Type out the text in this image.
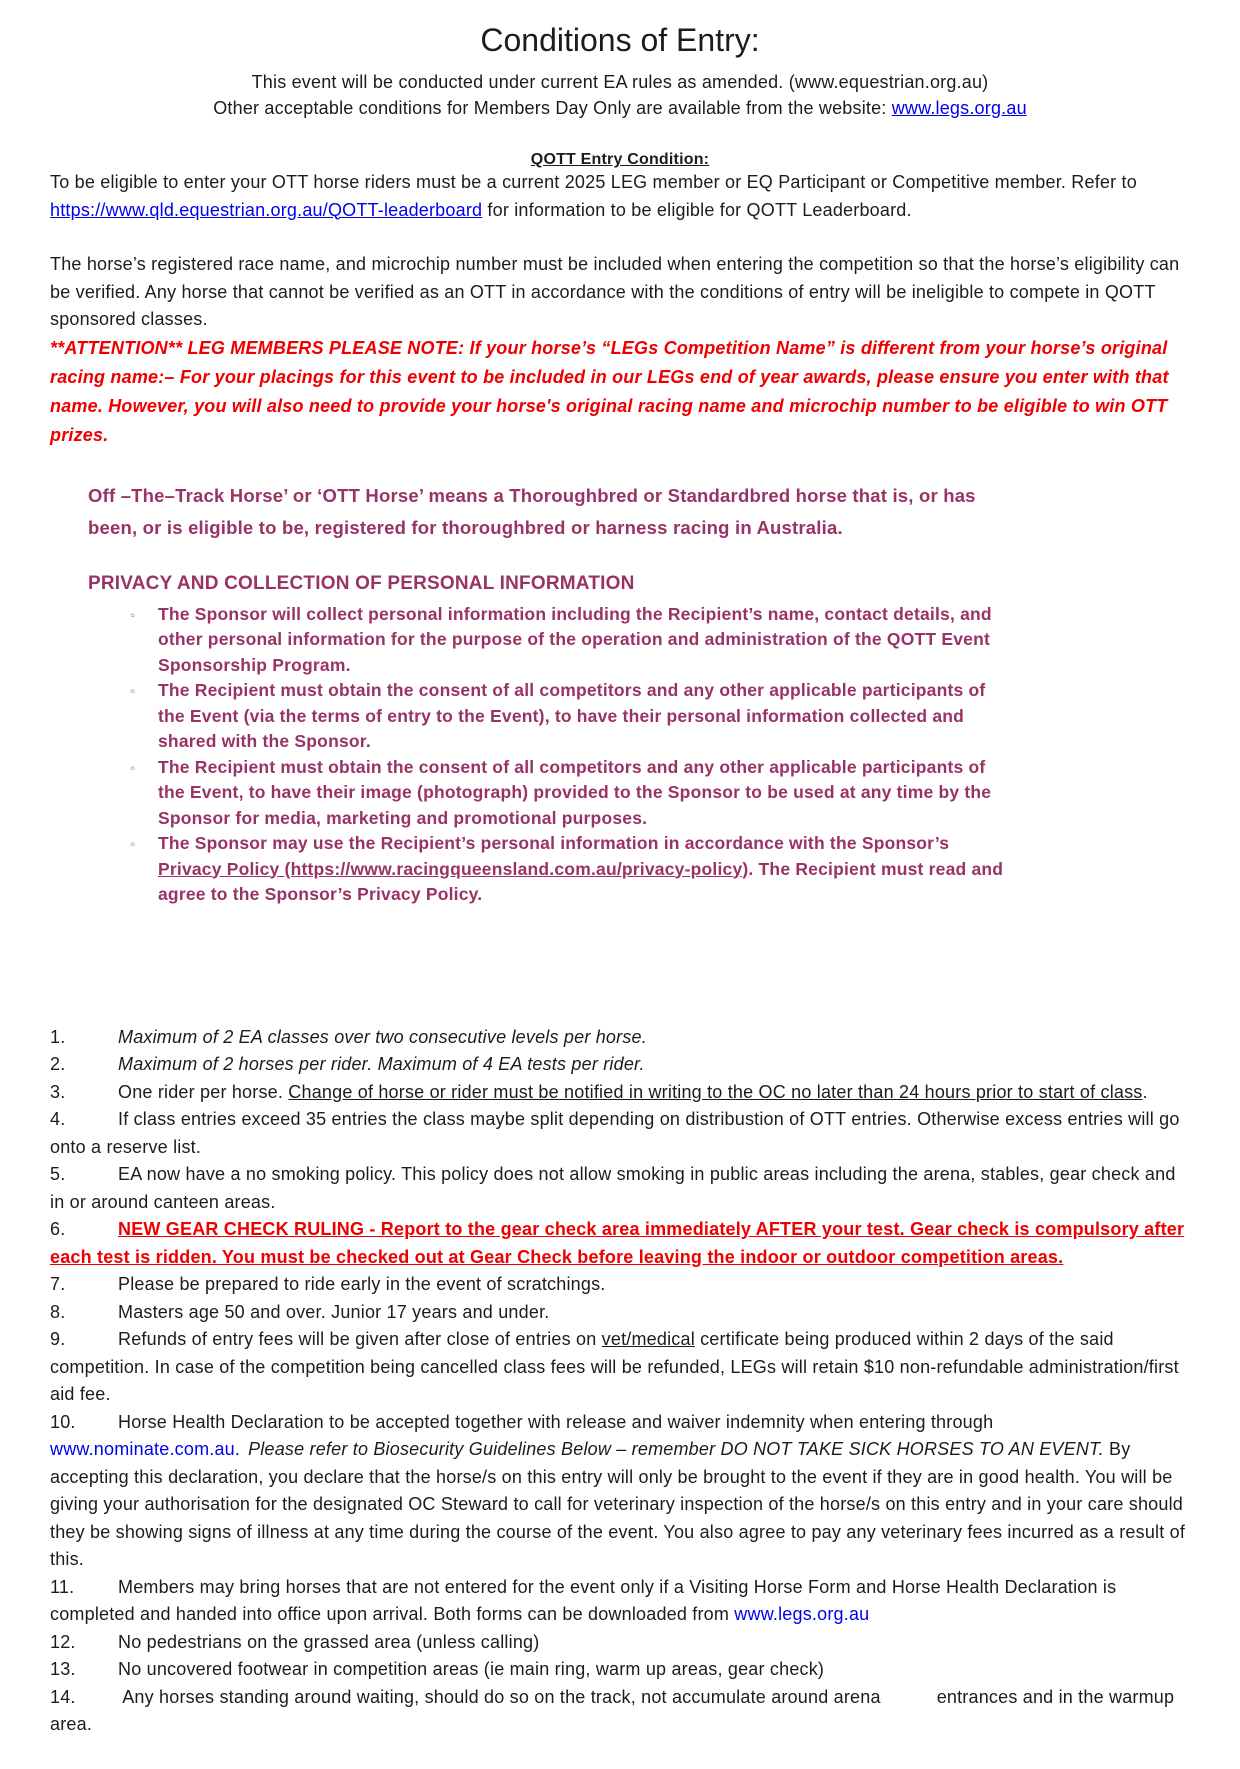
Conditions of Entry:

This event will be conducted under current EA rules as amended. (www.equestrian.org.au)

Other acceptable conditions for Members Day Only are available from the website: www.legs.org.au

QOTT Entry Condition:

To be eligible to enter your OTT horse riders must be a current 2025 LEG member or EQ Participant or Competitive member. Refer to https://www.qld.equestrian.org.au/QOTT-leaderboard for information to be eligible for QOTT Leaderboard.

The horse’s registered race name, and microchip number must be included when entering the competition so that the horse’s eligibility can be verified. Any horse that cannot be verified as an OTT in accordance with the conditions of entry will be ineligible to compete in QOTT sponsored classes.

**ATTENTION** LEG MEMBERS PLEASE NOTE: If your horse’s “LEGs Competition Name” is different from your horse’s original racing name:– For your placings for this event to be included in our LEGs end of year awards, please ensure you enter with that name. However, you will also need to provide your horse's original racing name and microchip number to be eligible to win OTT prizes.

Off –The–Track Horse’ or ‘OTT Horse’ means a Thoroughbred or Standardbred horse that is, or has been, or is eligible to be, registered for thoroughbred or harness racing in Australia.

PRIVACY AND COLLECTION OF PERSONAL INFORMATION

◦ The Sponsor will collect personal information including the Recipient’s name, contact details, and other personal information for the purpose of the operation and administration of the QOTT Event Sponsorship Program.
◦ The Recipient must obtain the consent of all competitors and any other applicable participants of the Event (via the terms of entry to the Event), to have their personal information collected and shared with the Sponsor.
◦ The Recipient must obtain the consent of all competitors and any other applicable participants of the Event, to have their image (photograph) provided to the Sponsor to be used at any time by the Sponsor for media, marketing and promotional purposes.
◦ The Sponsor may use the Recipient’s personal information in accordance with the Sponsor’s Privacy Policy (https://www.racingqueensland.com.au/privacy-policy). The Recipient must read and agree to the Sponsor’s Privacy Policy.

1.	Maximum of 2 EA classes over two consecutive levels per horse.

2.	Maximum of 2 horses per rider. Maximum of 4 EA tests per rider.

3.	One rider per horse. Change of horse or rider must be notified in writing to the OC no later than 24 hours prior to start of class.

4.	If class entries exceed 35 entries the class maybe split depending on distribustion of OTT entries. Otherwise excess entries will go onto a reserve list.

5.	EA now have a no smoking policy. This policy does not allow smoking in public areas including the arena, stables, gear check and in or around canteen areas.

6.	NEW GEAR CHECK RULING - Report to the gear check area immediately AFTER your test. Gear check is compulsory after each test is ridden. You must be checked out at Gear Check before leaving the indoor or outdoor competition areas.

7.	Please be prepared to ride early in the event of scratchings.

8.	Masters age 50 and over. Junior 17 years and under.

9.	Refunds of entry fees will be given after close of entries on vet/medical certificate being produced within 2 days of the said competition. In case of the competition being cancelled class fees will be refunded, LEGs will retain $10 non-refundable administration/first aid fee.

10. Horse Health Declaration to be accepted together with release and waiver indemnity when entering through www.nominate.com.au. Please refer to Biosecurity Guidelines Below – remember DO NOT TAKE SICK HORSES TO AN EVENT. By accepting this declaration, you declare that the horse/s on this entry will only be brought to the event if they are in good health. You will be giving your authorisation for the designated OC Steward to call for veterinary inspection of the horse/s on this entry and in your care should they be showing signs of illness at any time during the course of the event. You also agree to pay any veterinary fees incurred as a result of this.

11. Members may bring horses that are not entered for the event only if a Visiting Horse Form and Horse Health Declaration is completed and handed into office upon arrival. Both forms can be downloaded from www.legs.org.au

12. No pedestrians on the grassed area (unless calling)

13. No uncovered footwear in competition areas (ie main ring, warm up areas, gear check)

14. Any horses standing around waiting, should do so on the track, not accumulate around arena	entrances and in the warmup area.
